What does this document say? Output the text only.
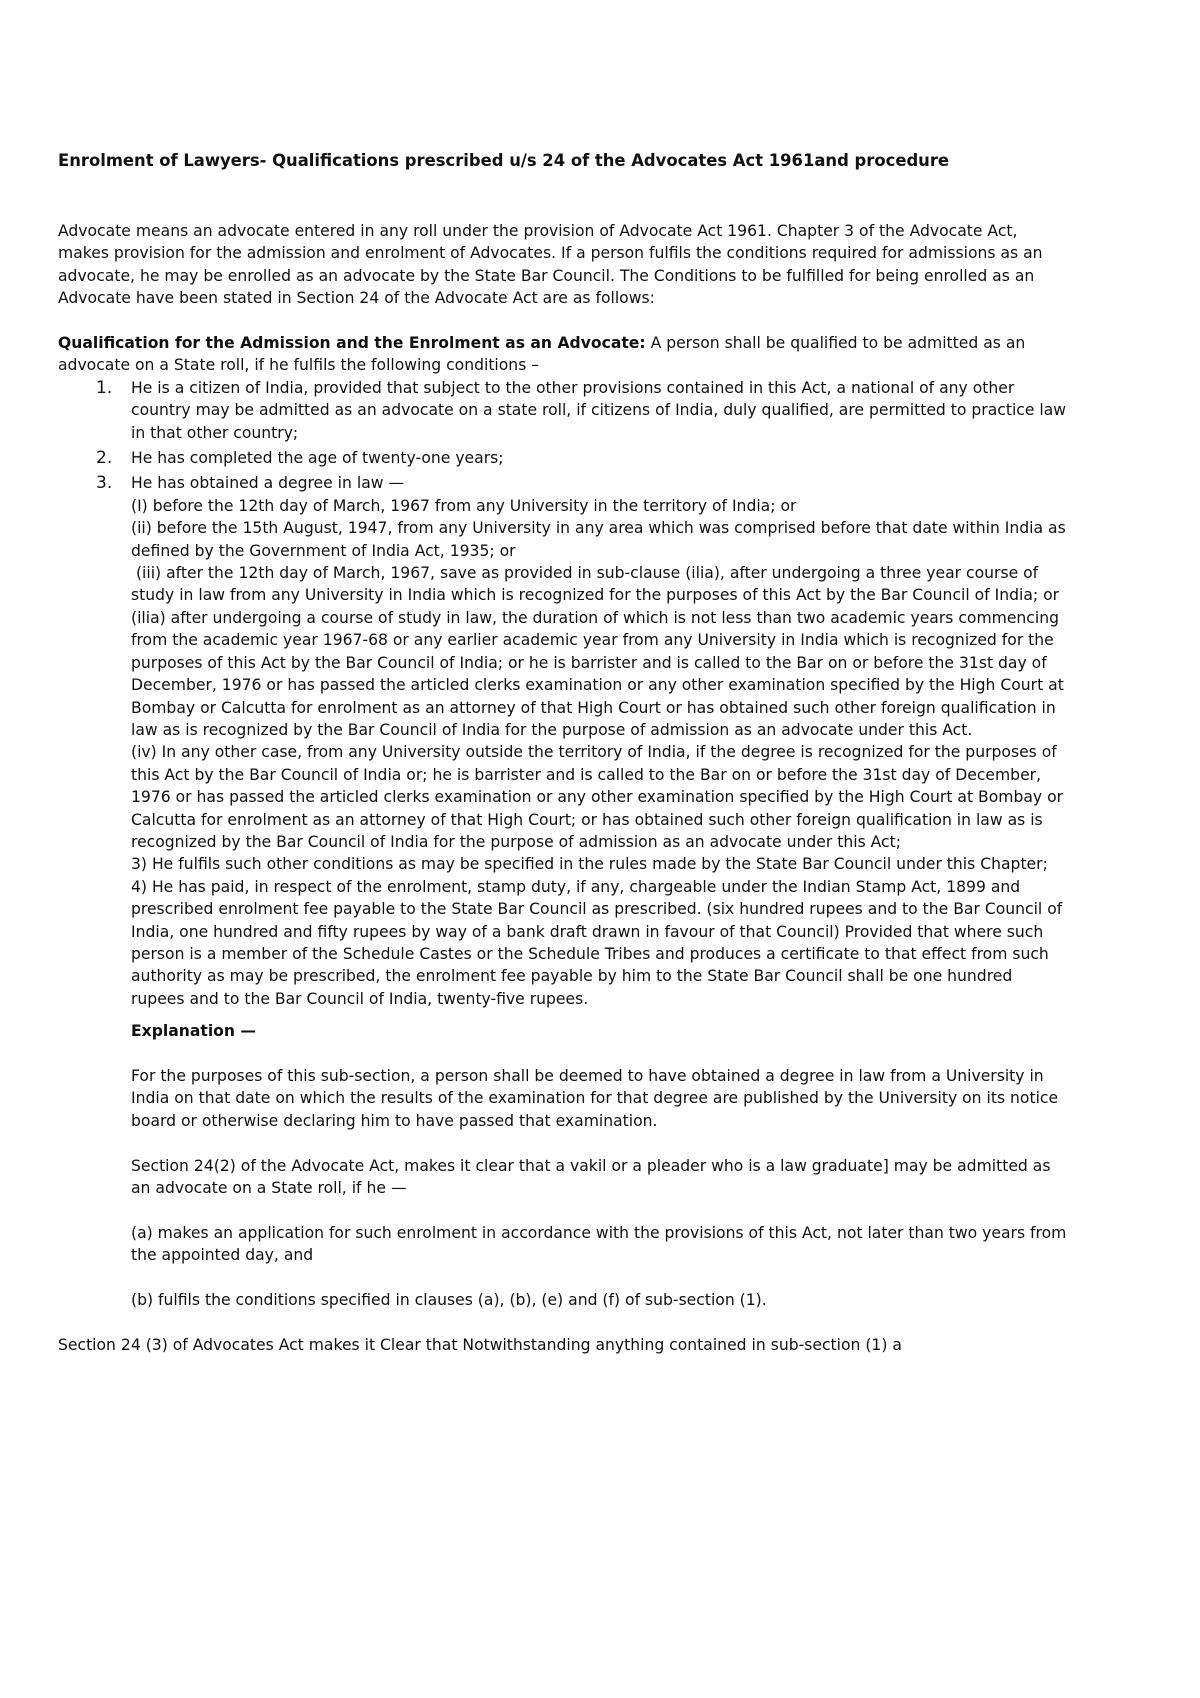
Enrolment of Lawyers- Qualifications prescribed u/s 24 of the Advocates Act 1961and procedure

Advocate means an advocate entered in any roll under the provision of Advocate Act 1961. Chapter 3 of the Advocate Act, makes provision for the admission and enrolment of Advocates. If a person fulfils the conditions required for admissions as an advocate, he may be enrolled as an advocate by the State Bar Council. The Conditions to be fulfilled for being enrolled as an Advocate have been stated in Section 24 of the Advocate Act are as follows:

Qualification for the Admission and the Enrolment as an Advocate: A person shall be qualified to be admitted as an advocate on a State roll, if he fulfils the following conditions –

1. He is a citizen of India, provided that subject to the other provisions contained in this Act, a national of any other country may be admitted as an advocate on a state roll, if citizens of India, duly qualified, are permitted to practice law in that other country;
2. He has completed the age of twenty-one years;
3. He has obtained a degree in law —

(I) before the 12th day of March, 1967 from any University in the territory of India; or

(ii) before the 15th August, 1947, from any University in any area which was comprised before that date within India as defined by the Government of India Act, 1935; or

(iii) after the 12th day of March, 1967, save as provided in sub-clause (ilia), after undergoing a three year course of study in law from any University in India which is recognized for the purposes of this Act by the Bar Council of India; or

(ilia) after undergoing a course of study in law, the duration of which is not less than two academic years commencing from the academic year 1967-68 or any earlier academic year from any University in India which is recognized for the purposes of this Act by the Bar Council of India; or he is barrister and is called to the Bar on or before the 31st day of December, 1976 or has passed the articled clerks examination or any other examination specified by the High Court at Bombay or Calcutta for enrolment as an attorney of that High Court or has obtained such other foreign qualification in law as is recognized by the Bar Council of India for the purpose of admission as an advocate under this Act.

(iv) In any other case, from any University outside the territory of India, if the degree is recognized for the purposes of this Act by the Bar Council of India or; he is barrister and is called to the Bar on or before the 31st day of December, 1976 or has passed the articled clerks examination or any other examination specified by the High Court at Bombay or Calcutta for enrolment as an attorney of that High Court; or has obtained such other foreign qualification in law as is recognized by the Bar Council of India for the purpose of admission as an advocate under this Act;

3) He fulfils such other conditions as may be specified in the rules made by the State Bar Council under this Chapter;

4) He has paid, in respect of the enrolment, stamp duty, if any, chargeable under the Indian Stamp Act, 1899 and prescribed enrolment fee payable to the State Bar Council as prescribed. (six hundred rupees and to the Bar Council of India, one hundred and fifty rupees by way of a bank draft drawn in favour of that Council) Provided that where such person is a member of the Schedule Castes or the Schedule Tribes and produces a certificate to that effect from such authority as may be prescribed, the enrolment fee payable by him to the State Bar Council shall be one hundred rupees and to the Bar Council of India, twenty-five rupees.

Explanation —

For the purposes of this sub-section, a person shall be deemed to have obtained a degree in law from a University in India on that date on which the results of the examination for that degree are published by the University on its notice board or otherwise declaring him to have passed that examination.

Section 24(2) of the Advocate Act, makes it clear that a vakil or a pleader who is a law graduate] may be admitted as an advocate on a State roll, if he —

(a) makes an application for such enrolment in accordance with the provisions of this Act, not later than two years from the appointed day, and

(b) fulfils the conditions specified in clauses (a), (b), (e) and (f) of sub-section (1).

Section 24 (3) of Advocates Act makes it Clear that Notwithstanding anything contained in sub-section (1) a
